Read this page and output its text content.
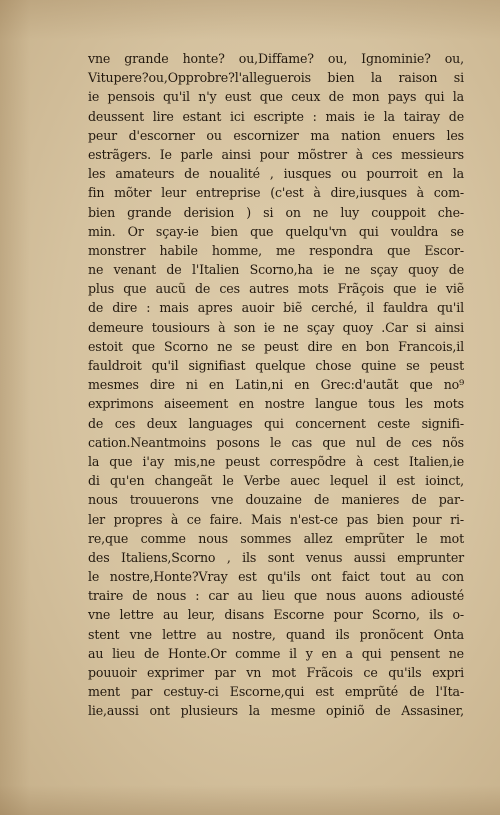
vne grande honte? ou,Diffame? ou, Ignominie? ou,
Vitupere?ou,Opprobre?l'alleguerois bien la raison si
ie pensois qu'il n'y eust que ceux de mon pays qui la
deussent lire estant ici escripte : mais ie la tairay de
peur d'escorner ou escornizer ma nation enuers les
estrãgers. Ie parle ainsi pour mõstrer à ces messieurs
les amateurs de noualité , iusques ou pourroit en la
fin mõter leur entreprise (c'est à dire,iusques à com-
bien grande derision ) si on ne luy couppoit che-
min. Or sçay-ie bien que quelqu'vn qui vouldra se
monstrer habile homme, me respondra que Escor-
ne venant de l'Italien Scorno,ha ie ne sçay quoy de
plus que aucũ de ces autres mots Frãçois que ie viẽ
de dire : mais apres auoir biẽ cerché, il fauldra qu'il
demeure tousiours à son ie ne sçay quoy .Car si ainsi
estoit que Scorno ne se peust dire en bon Francois,il
fauldroit qu'il signifiast quelque chose quine se peust
mesmes dire ni en Latin,ni en Grec:d'autãt que no⁹
exprimons aiseement en nostre langue tous les mots
de ces deux languages qui concernent ceste signifi-
cation.Neantmoins posons le cas que nul de ces nõs
la que i'ay mis,ne peust correspõdre à cest Italien,ie
di qu'en changeãt le Verbe auec lequel il est ioinct,
nous trouuerons vne douzaine de manieres de par-
ler propres à ce faire. Mais n'est-ce pas bien pour ri-
re,que comme nous sommes allez emprũter le mot
des Italiens,Scorno , ils sont venus aussi emprunter
le nostre,Honte?Vray est qu'ils ont faict tout au con
traire de nous : car au lieu que nous auons adiousté
vne lettre au leur, disans Escorne pour Scorno, ils o-
stent vne lettre au nostre, quand ils pronõcent Onta
au lieu de Honte.Or comme il y en a qui pensent ne
pouuoir exprimer par vn mot Frãcois ce qu'ils expri
ment par cestuy-ci Escorne,qui est emprũté de l'Ita-
lie,aussi ont plusieurs la mesme opiniõ de Assasiner,
